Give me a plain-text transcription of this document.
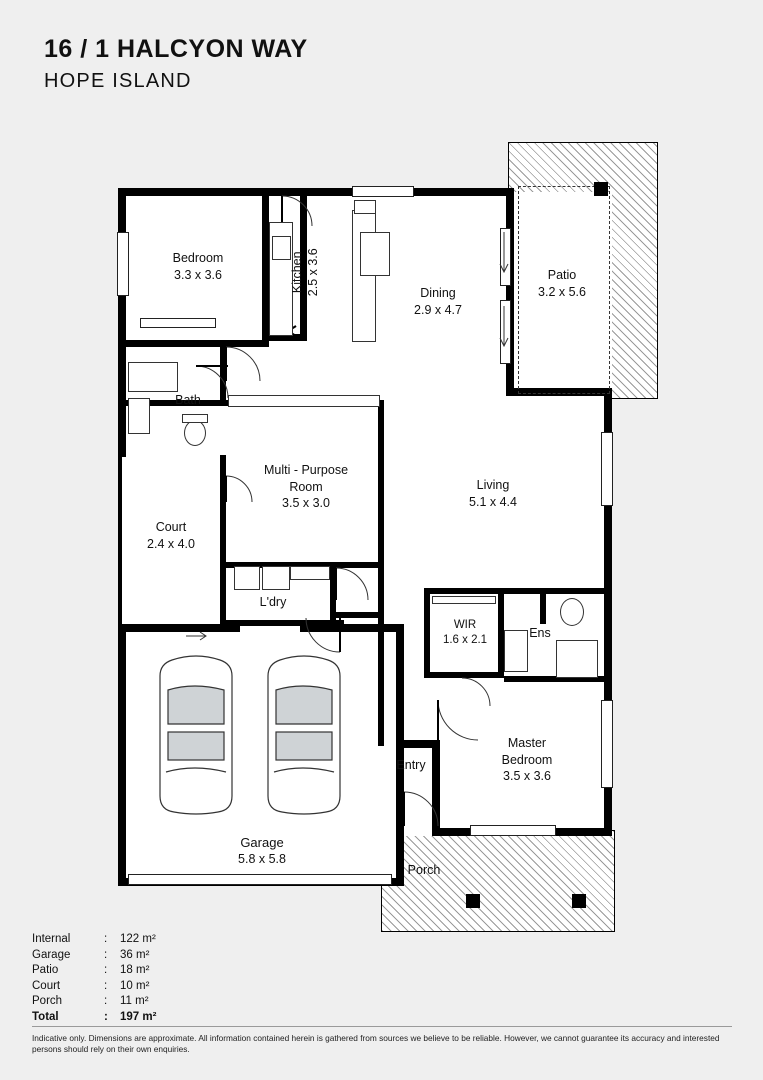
16 / 1 HALCYON WAY
HOPE ISLAND
Bedroom
3.3 x 3.6	Kitchen 2.5 x 3.6	Dining
2.9 x 4.7
Patio
3.2 x 5.6
Bath
Multi - Purpose
Room
3.5 x 3.0
Living
5.1 x 4.4
Court
2.4 x 4.0
L'dry
WIR
1.6 x 2.1
Ens
Garage
5.8 x 5.8
Entry
Master
Bedroom
3.5 x 3.6
Porch
Internal	:	122 m²
Garage	:	36 m²
Patio	:	18 m²
Court	:	10 m²
Porch	:	11 m²
Total	:	197 m²
Indicative only. Dimensions are approximate. All information contained herein is gathered from sources we believe to be reliable. However, we cannot guarantee its accuracy and interested persons should rely on their own enquiries.
